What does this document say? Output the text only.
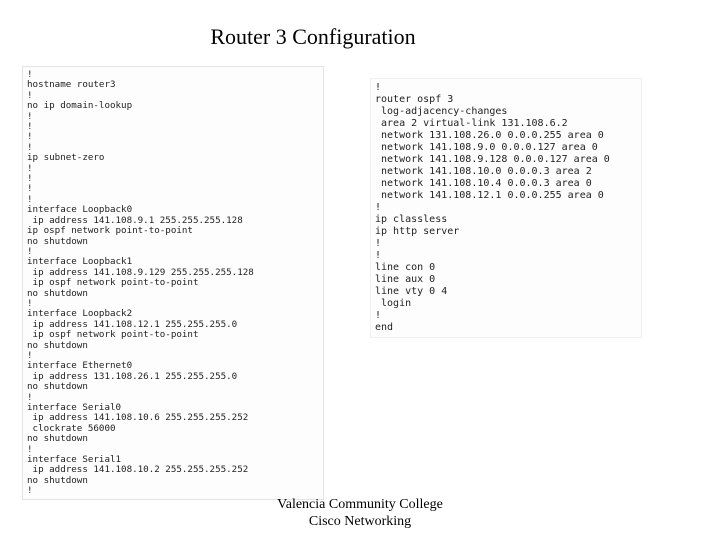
Router 3 Configuration
!
hostname router3
!
no ip domain-lookup
!
!
!
!
ip subnet-zero
!
!
!
!
interface Loopback0
ip address 141.108.9.1 255.255.255.128
ip ospf network point-to-point
no shutdown
!
interface Loopback1
ip address 141.108.9.129 255.255.255.128
ip ospf network point-to-point
no shutdown
!
interface Loopback2
ip address 141.108.12.1 255.255.255.0
ip ospf network point-to-point
no shutdown
!
interface Ethernet0
ip address 131.108.26.1 255.255.255.0
no shutdown
!
interface Serial0
ip address 141.108.10.6 255.255.255.252
clockrate 56000
no shutdown
!
interface Serial1
ip address 141.108.10.2 255.255.255.252
no shutdown
!
!
router ospf 3
log-adjacency-changes
area 2 virtual-link 131.108.6.2
network 131.108.26.0 0.0.0.255 area 0
network 141.108.9.0 0.0.0.127 area 0
network 141.108.9.128 0.0.0.127 area 0
network 141.108.10.0 0.0.0.3 area 2
network 141.108.10.4 0.0.0.3 area 0
network 141.108.12.1 0.0.0.255 area 0
!
ip classless
ip http server
!
!
line con 0
line aux 0
line vty 0 4
login
!
end
Valencia Community College
Cisco Networking
